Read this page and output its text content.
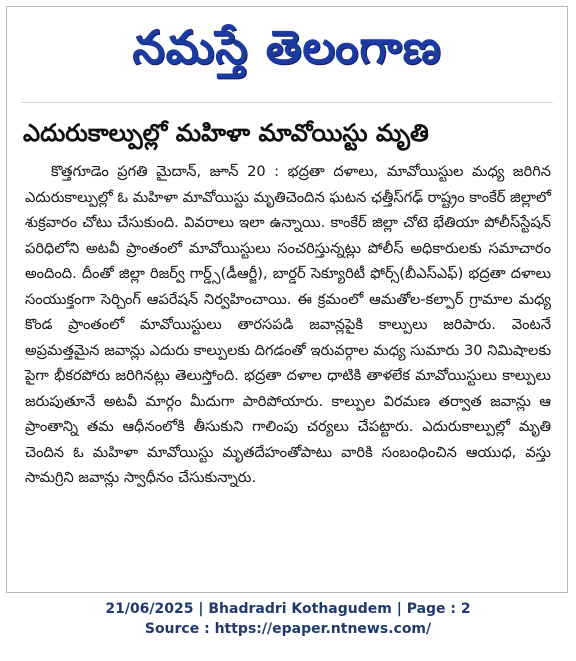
నమస్తే తెలంగాణ
ఎదురుకాల్పుల్లో మహిళా మావోయిస్టు మృతి
కొత్తగూడెం ప్రగతి మైదాన్, జూన్ 20 : భద్రతా దళాలు, మావోయిస్టుల మధ్య జరిగిన ఎదురుకాల్పుల్లో ఓ మహిళా మావోయిస్టు మృతిచెందిన ఘటన ఛత్తీస్‌గఢ్ రాష్ట్రం కాంకేర్ జిల్లాలో శుక్రవారం చోటు చేసుకుంది. వివరాలు ఇలా ఉన్నాయి. కాంకేర్ జిల్లా చోటె భేతియా పోలీస్‌స్టేషన్ పరిధిలోని అటవీ ప్రాంతంలో మావోయిస్టులు సంచరిస్తున్నట్లు పోలీస్ అధికారులకు సమాచారం అందింది. దీంతో జిల్లా రిజర్వ్ గార్డ్స్(డీఆర్జీ), బార్డర్ సెక్యూరిటీ ఫోర్స్(బీఎస్ఎఫ్) భద్రతా దళాలు సంయుక్తంగా సెర్చింగ్ ఆపరేషన్ నిర్వహించాయి. ఈ క్రమంలో ఆమతోల-కల్పార్ గ్రామాల మధ్య కొండ ప్రాంతంలో మావోయిస్టులు తారసపడి జవాన్లపైకి కాల్పులు జరిపారు. వెంటనే అప్రమత్తమైన జవాన్లు ఎదురు కాల్పులకు దిగడంతో ఇరువర్గాల మధ్య సుమారు 30 నిమిషాలకు పైగా భీకరపోరు జరిగినట్లు తెలుస్తోంది. భద్రతా దళాల ధాటికి తాళలేక మావోయిస్టులు కాల్పులు జరుపుతూనే అటవీ మార్గం మీదుగా పారిపోయారు. కాల్పుల విరమణ తర్వాత జవాన్లు ఆ ప్రాంతాన్ని తమ ఆధీనంలోకి తీసుకుని గాలింపు చర్యలు చేపట్టారు. ఎదురుకాల్పుల్లో మృతి చెందిన ఓ మహిళా మావోయిస్టు మృతదేహంతోపాటు వారికి సంబంధించిన ఆయుధ, వస్తు సామగ్రిని జవాన్లు స్వాధీనం చేసుకున్నారు.
21/06/2025 | Bhadradri Kothagudem | Page : 2
Source : https://epaper.ntnews.com/
